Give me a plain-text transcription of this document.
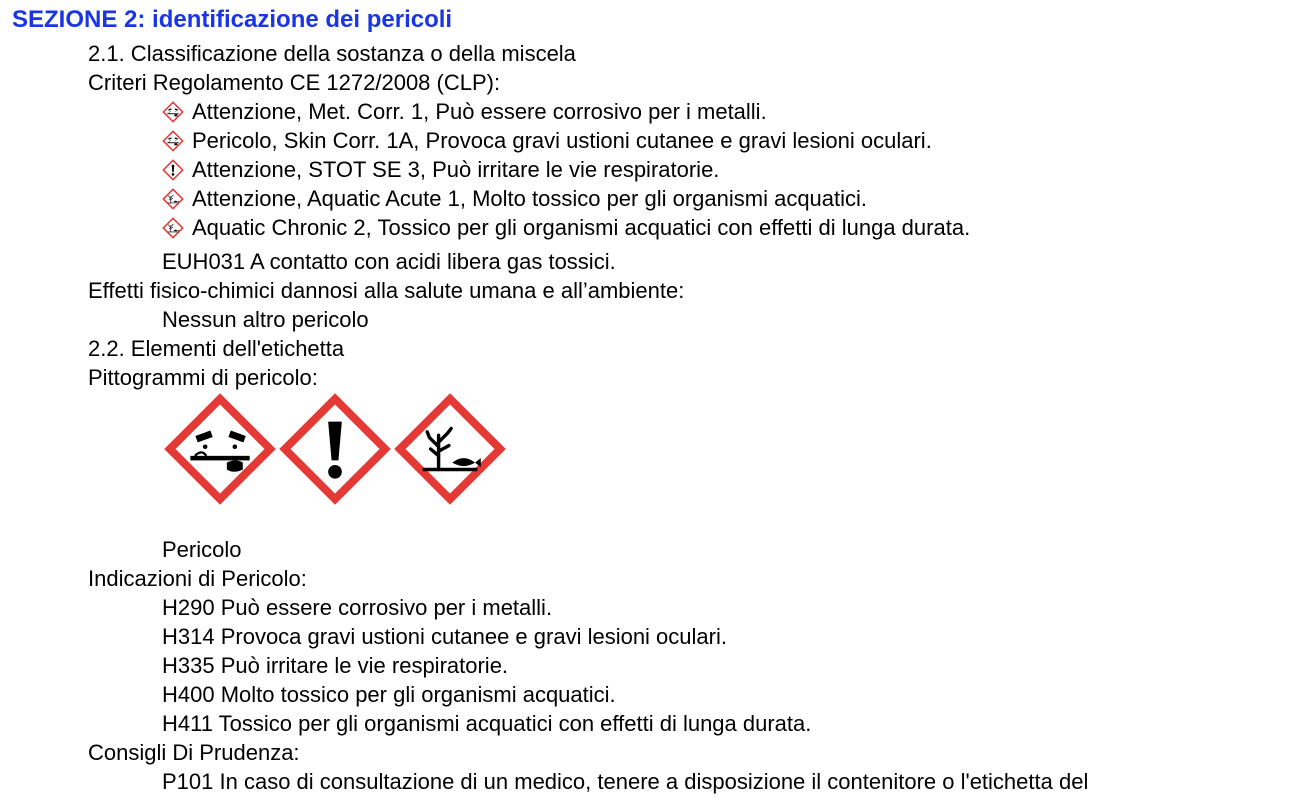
SEZIONE 2: identificazione dei pericoli
2.1. Classificazione della sostanza o della miscela
Criteri Regolamento CE 1272/2008 (CLP):
Attenzione, Met. Corr. 1, Può essere corrosivo per i metalli.
Pericolo, Skin Corr. 1A, Provoca gravi ustioni cutanee e gravi lesioni oculari.
Attenzione, STOT SE 3, Può irritare le vie respiratorie.
Attenzione, Aquatic Acute 1, Molto tossico per gli organismi acquatici.
Aquatic Chronic 2, Tossico per gli organismi acquatici con effetti di lunga durata.
EUH031 A contatto con acidi libera gas tossici.
Effetti fisico-chimici dannosi alla salute umana e all’ambiente:
Nessun altro pericolo
2.2. Elementi dell'etichetta
Pittogrammi di pericolo:
Pericolo
Indicazioni di Pericolo:
H290 Può essere corrosivo per i metalli.
H314 Provoca gravi ustioni cutanee e gravi lesioni oculari.
H335 Può irritare le vie respiratorie.
H400 Molto tossico per gli organismi acquatici.
H411 Tossico per gli organismi acquatici con effetti di lunga durata.
Consigli Di Prudenza:
P101 In caso di consultazione di un medico, tenere a disposizione il contenitore o l'etichetta del
